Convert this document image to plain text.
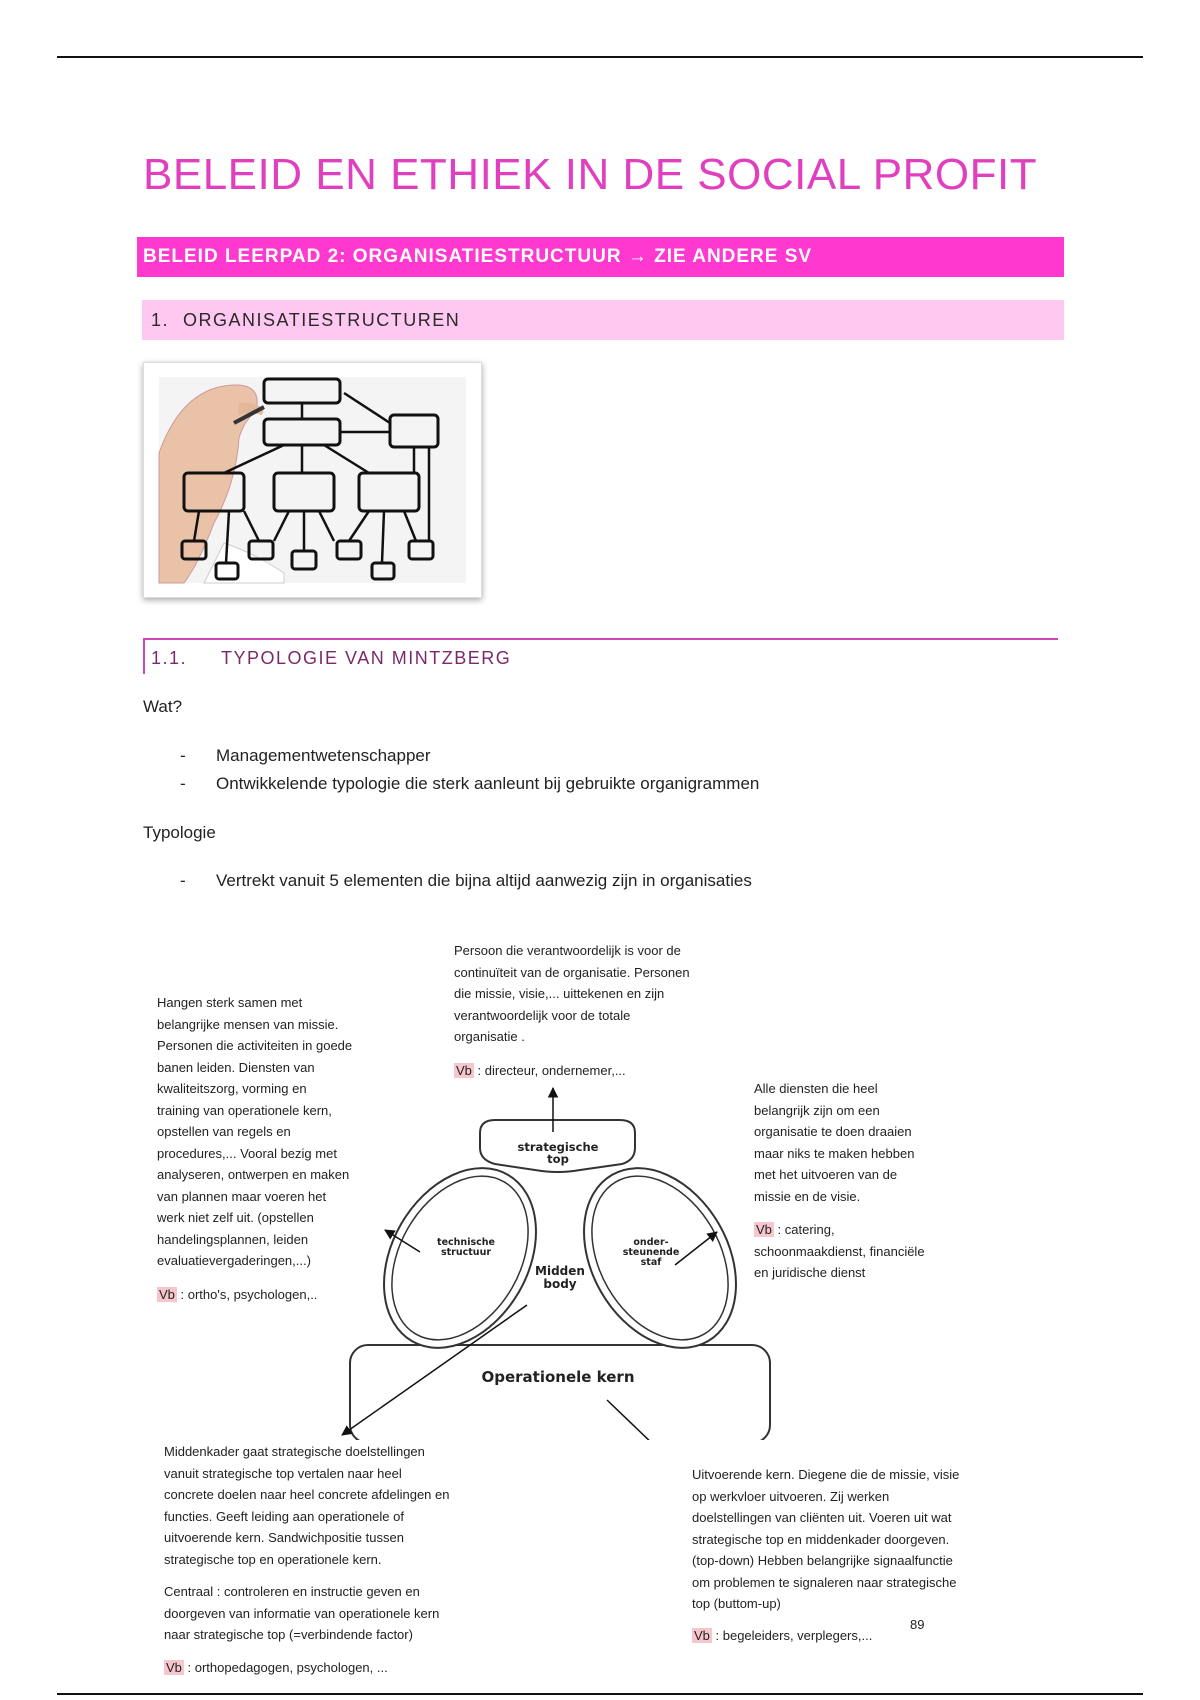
BELEID EN ETHIEK IN DE SOCIAL PROFIT
BELEID LEERPAD 2: ORGANISATIESTRUCTUUR → ZIE ANDERE SV
1. ORGANISATIESTRUCTUREN
1.1. TYPOLOGIE VAN MINTZBERG
Wat?
- Managementwetenschapper
- Ontwikkelende typologie die sterk aanleunt bij gebruikte organigrammen
Typologie
- Vertrekt vanuit 5 elementen die bijna altijd aanwezig zijn in organisaties
Persoon die verantwoordelijk is voor de
continuïteit van de organisatie. Personen
die missie, visie,... uittekenen en zijn
verantwoordelijk voor de totale
organisatie .
Vb : directeur, ondernemer,...
Hangen sterk samen met
belangrijke mensen van missie.
Personen die activiteiten in goede
banen leiden. Diensten van
kwaliteitszorg, vorming en
training van operationele kern,
opstellen van regels en
procedures,... Vooral bezig met
analyseren, ontwerpen en maken
van plannen maar voeren het
werk niet zelf uit. (opstellen
handelingsplannen, leiden
evaluatievergaderingen,...)
Vb : ortho's, psychologen,..
Alle diensten die heel
belangrijk zijn om een
organisatie te doen draaien
maar niks te maken hebben
met het uitvoeren van de
missie en de visie.
Vb : catering,
schoonmaakdienst, financiële
en juridische dienst
strategische
top
technische
structuur
Midden
body
onder-
steunende
staf
Operationele kern
Middenkader gaat strategische doelstellingen
vanuit strategische top vertalen naar heel
concrete doelen naar heel concrete afdelingen en
functies. Geeft leiding aan operationele of
uitvoerende kern. Sandwichpositie tussen
strategische top en operationele kern.
Centraal : controleren en instructie geven en
doorgeven van informatie van operationele kern
naar strategische top (=verbindende factor)
Vb : orthopedagogen, psychologen, ...
Uitvoerende kern. Diegene die de missie, visie
op werkvloer uitvoeren. Zij werken
doelstellingen van cliënten uit. Voeren uit wat
strategische top en middenkader doorgeven.
(top-down) Hebben belangrijke signaalfunctie
om problemen te signaleren naar strategische
top (buttom-up)
Vb : begeleiders, verplegers,...
89
